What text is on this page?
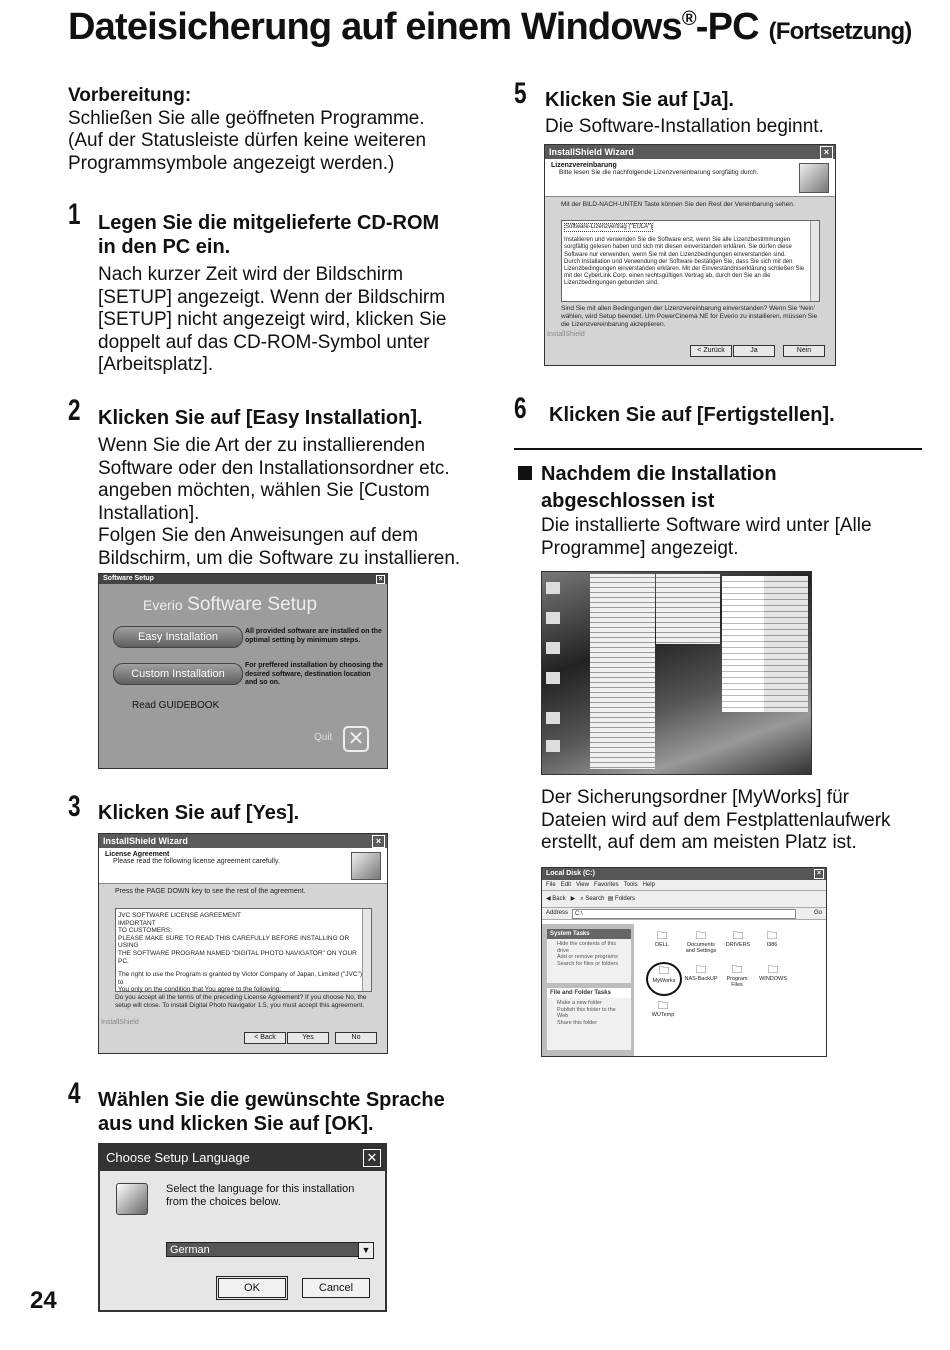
Dateisicherung auf einem Windows®-PC (Fortsetzung)
Vorbereitung:
Schließen Sie alle geöffneten Programme.
(Auf der Statusleiste dürfen keine weiteren
Programmsymbole angezeigt werden.)
1 Legen Sie die mitgelieferte CD-ROM
in den PC ein.
Nach kurzer Zeit wird der Bildschirm
[SETUP] angezeigt. Wenn der Bildschirm
[SETUP] nicht angezeigt wird, klicken Sie
doppelt auf das CD-ROM-Symbol unter
[Arbeitsplatz].
2 Klicken Sie auf [Easy Installation].
Wenn Sie die Art der zu installierenden
Software oder den Installationsordner etc.
angeben möchten, wählen Sie [Custom
Installation].
Folgen Sie den Anweisungen auf dem
Bildschirm, um die Software zu installieren.
Software Setup	×
Everio Software Setup
Easy Installation	All provided software are installed on the optimal setting by minimum steps.
Custom Installation
For preffered installation by choosing the desired software, destination location and so on.
Read GUIDEBOOK
Quit ✕
3 Klicken Sie auf [Yes].
InstallShield Wizard	×
License Agreement
Please read the following license agreement carefully.
Press the PAGE DOWN key to see the rest of the agreement.
JVC SOFTWARE LICENSE AGREEMENT
IMPORTANT
TO CUSTOMERS:
PLEASE MAKE SURE TO READ THIS CAREFULLY BEFORE INSTALLING OR USING
THE SOFTWARE PROGRAM NAMED "DIGITAL PHOTO NAVIGATOR" ON YOUR PC.
The right to use the Program is granted by Victor Company of Japan, Limited ("JVC") to
You only on the condition that You agree to the following:
Do you accept all the terms of the preceding License Agreement? If you choose No, the setup will close. To install Digital Photo Navigator 1.5, you must accept this agreement.
InstallShield
< Back	Yes	No
4 Wählen Sie die gewünschte Sprache
aus und klicken Sie auf [OK].
Choose Setup Language	✕
Select the language for this installation from the choices below.
German	▼
OK	Cancel
24
5 Klicken Sie auf [Ja].
Die Software-Installation beginnt.
InstallShield Wizard	×
Lizenzvereinbarung
Bitte lesen Sie die nachfolgende Lizenzvereinbarung sorgfältig durch.
Mit der BILD-NACH-UNTEN Taste können Sie den Rest der Vereinbarung sehen.
Software-Lizenzvertrag ("EULA")
Installieren und verwenden Sie die Software erst, wenn Sie alle Lizenzbestimmungen
sorgfältig gelesen haben und sich mit diesen einverstanden erklären. Sie dürfen diese
Software nur verwenden, wenn Sie mit den Lizenzbedingungen einverstanden sind.
Durch Installation und Verwendung der Software bestätigen Sie, dass Sie sich mit den
Lizenzbedingungen einverstanden erklären. Mit der Einverständniserklärung schließen Sie
mit der CyberLink Corp. einen rechtsgültigen Vertrag ab, durch den Sie an die
Lizenzbedingungen gebunden sind.
Sind Sie mit allen Bedingungen der Lizenzvereinbarung einverstanden? Wenn Sie 'Nein' wählen, wird Setup beendet. Um PowerCinema NE for Everio zu installieren, müssen Sie die Lizenzvereinbarung akzeptieren.
InstallShield
< Zurück	Ja	Nein
6 Klicken Sie auf [Fertigstellen].
Nachdem die Installation
abgeschlossen ist
Die installierte Software wird unter [Alle
Programme] angezeigt.
Der Sicherungsordner [MyWorks] für
Dateien wird auf dem Festplattenlaufwerk
erstellt, auf dem am meisten Platz ist.
Local Disk (C:)	×
File Edit View Favorites Tools Help
◀ Back ▶ ⌕ Search ▤ Folders
Address	C:\	Go
System Tasks
Hide the contents of this drive
Add or remove programs
Search for files or folders
File and Folder Tasks
Make a new folder
Publish this folder to the Web
Share this folder
🗀
DELL
🗀
Documents and Settings
🗀
DRIVERS
🗀
I386
🗀
MyWorks
🗀
NAS-BackUP
🗀
Program Files
🗀
WINDOWS
🗀
WUTemp
